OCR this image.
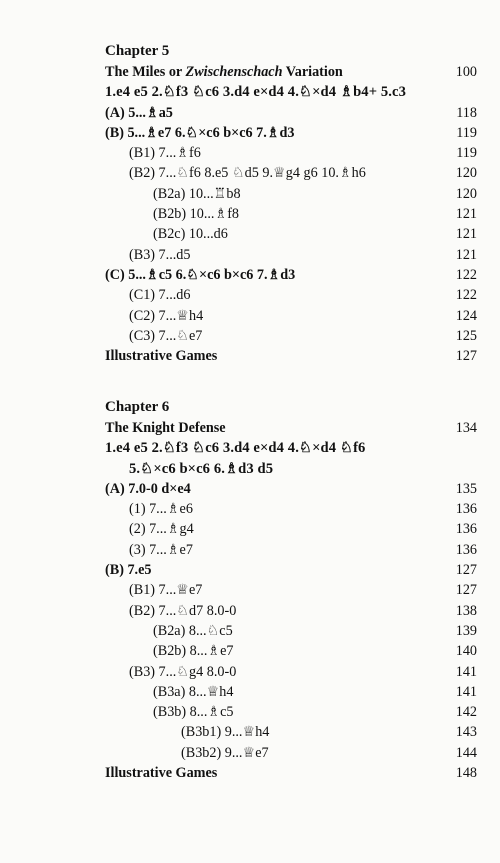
Chapter 5
The Miles or Zwischenschach Variation	100
1.e4 e5 2.♘f3 ♘c6 3.d4 e×d4 4.♘×d4 ♗b4+ 5.c3
(A) 5...♗a5	118
(B) 5...♗e7 6.♘×c6 b×c6 7.♗d3	119
(B1) 7...♗f6	119
(B2) 7...♘f6 8.e5 ♘d5 9.♕g4 g6 10.♗h6	120
(B2a) 10...♖b8	120
(B2b) 10...♗f8	121
(B2c) 10...d6	121
(B3) 7...d5	121
(C) 5...♗c5 6.♘×c6 b×c6 7.♗d3	122
(C1) 7...d6	122
(C2) 7...♕h4	124
(C3) 7...♘e7	125
Illustrative Games	127
Chapter 6
The Knight Defense	134
1.e4 e5 2.♘f3 ♘c6 3.d4 e×d4 4.♘×d4 ♘f6
5.♘×c6 b×c6 6.♗d3 d5
(A) 7.0-0 d×e4	135
(1) 7...♗e6	136
(2) 7...♗g4	136
(3) 7...♗e7	136
(B) 7.e5	127
(B1) 7...♕e7	127
(B2) 7...♘d7 8.0-0	138
(B2a) 8...♘c5	139
(B2b) 8...♗e7	140
(B3) 7...♘g4 8.0-0	141
(B3a) 8...♕h4	141
(B3b) 8...♗c5	142
(B3b1) 9...♕h4	143
(B3b2) 9...♕e7	144
Illustrative Games	148
